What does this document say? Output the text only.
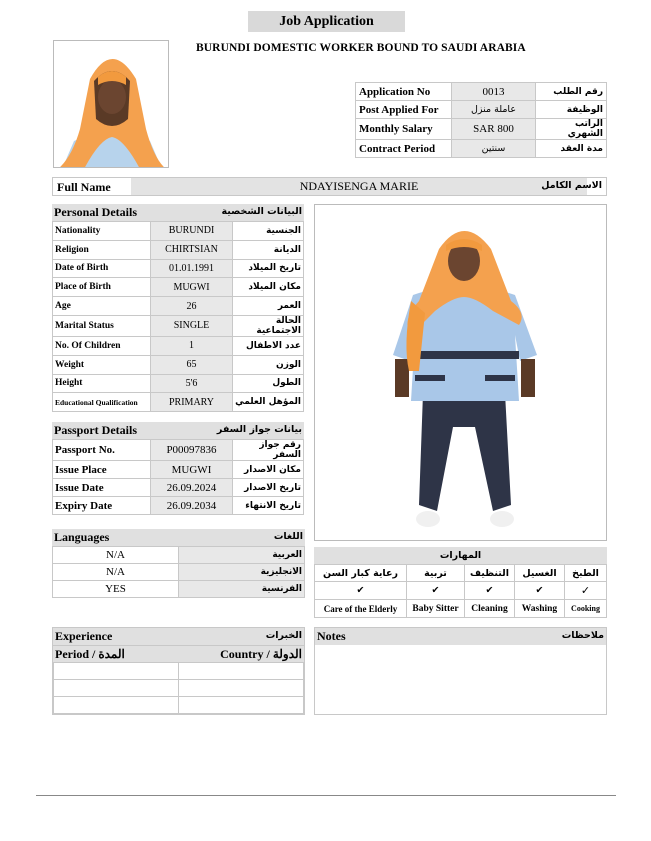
Job Application
BURUNDI DOMESTIC WORKER BOUND TO SAUDI ARABIA
Application No	0013	رقم الطلب
Post Applied For	عاملة منزل	الوظيفة
Monthly Salary	SAR 800	الراتب الشهري
Contract Period	سنتين	مدة العقد
Full Name	NDAYISENGA MARIE	الاسم الكامل
Personal Details	البيانات الشخصية
Nationality	BURUNDI	الجنسية
Religion	CHIRTSIAN	الديانة
Date of Birth	01.01.1991	تاريخ الميلاد
Place of Birth	MUGWI	مكان الميلاد
Age	26	العمر
Marital Status	SINGLE	الحالة الاجتماعية
No. Of Children	1	عدد الاطفال
Weight	65	الوزن
Height	5'6	الطول
Educational Qualification	PRIMARY	المؤهل العلمي
Passport Details	بيانات جواز السفر
Passport No.	P00097836	رقم جواز السفر
Issue Place	MUGWI	مكان الاصدار
Issue Date	26.09.2024	تاريخ الاصدار
Expiry Date	26.09.2034	تاريخ الانتهاء
Languages	اللغات
N/A	العربية
N/A	الانجليزية
YES	الفرنسية
المهارات
رعاية كبار السن	تربية	التنظيف	الغسيل	الطبخ
✔	✔	✔	✔	✓
Care of the Elderly	Baby Sitter	Cleaning	Washing	Cooking
Experience	الخبرات
Period / المدة	Country / الدولة

Notes	ملاحظات
